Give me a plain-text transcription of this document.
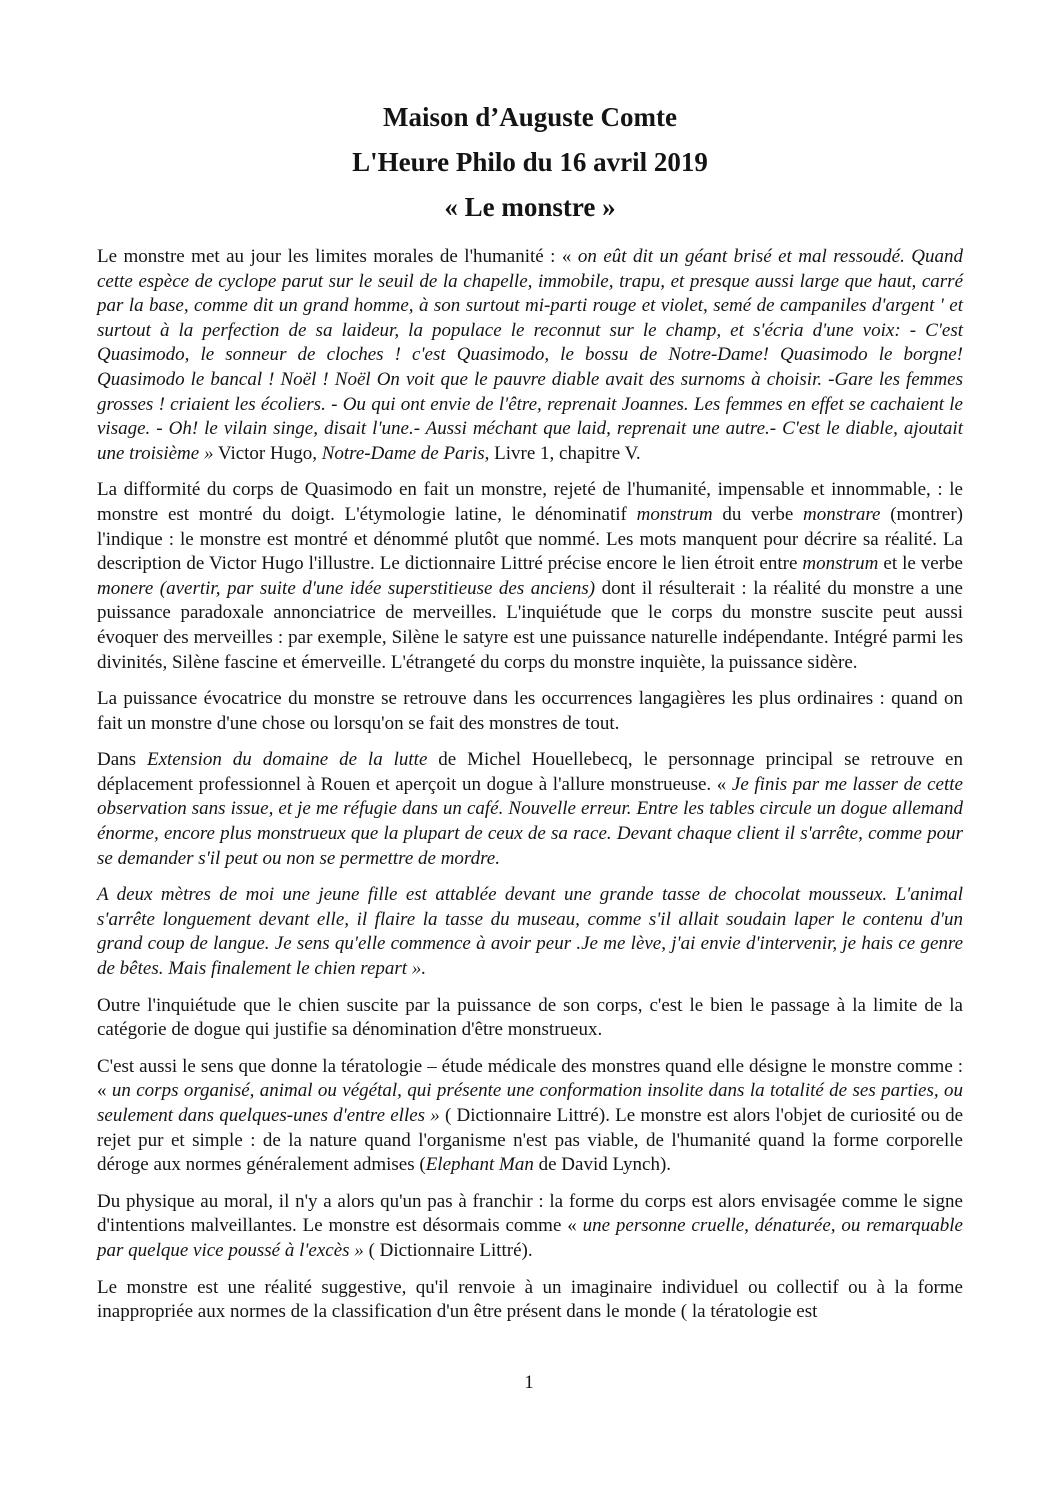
Maison d’Auguste Comte
L'Heure Philo du 16 avril 2019
« Le monstre »

Le monstre met au jour les limites morales de l'humanité : « on eût dit un géant brisé et mal ressoudé. Quand cette espèce de cyclope parut sur le seuil de la chapelle, immobile, trapu, et presque aussi large que haut, carré par la base, comme dit un grand homme, à son surtout mi-parti rouge et violet, semé de campaniles d'argent ' et surtout à la perfection de sa laideur, la populace le reconnut sur le champ, et s'écria d'une voix: - C'est Quasimodo, le sonneur de cloches ! c'est Quasimodo, le bossu de Notre-Dame! Quasimodo le borgne! Quasimodo le bancal ! Noël ! Noël On voit que le pauvre diable avait des surnoms à choisir. -Gare les femmes grosses ! criaient les écoliers. - Ou qui ont envie de l'être, reprenait Joannes. Les femmes en effet se cachaient le visage. - Oh! le vilain singe, disait l'une.- Aussi méchant que laid, reprenait une autre.- C'est le diable, ajoutait une troisième » Victor Hugo, Notre-Dame de Paris, Livre 1, chapitre V.

La difformité du corps de Quasimodo en fait un monstre, rejeté de l'humanité, impensable et innommable, : le monstre est montré du doigt. L'étymologie latine, le dénominatif monstrum du verbe monstrare (montrer) l'indique : le monstre est montré et dénommé plutôt que nommé. Les mots manquent pour décrire sa réalité. La description de Victor Hugo l'illustre. Le dictionnaire Littré précise encore le lien étroit entre monstrum et le verbe monere (avertir, par suite d'une idée superstitieuse des anciens) dont il résulterait : la réalité du monstre a une puissance paradoxale annonciatrice de merveilles. L'inquiétude que le corps du monstre suscite peut aussi évoquer des merveilles : par exemple, Silène le satyre est une puissance naturelle indépendante. Intégré parmi les divinités, Silène fascine et émerveille. L'étrangeté du corps du monstre inquiète, la puissance sidère.

La puissance évocatrice du monstre se retrouve dans les occurrences langagières les plus ordinaires : quand on fait un monstre d'une chose ou lorsqu'on se fait des monstres de tout.

Dans Extension du domaine de la lutte de Michel Houellebecq, le personnage principal se retrouve en déplacement professionnel à Rouen et aperçoit un dogue à l'allure monstrueuse. « Je finis par me lasser de cette observation sans issue, et je me réfugie dans un café. Nouvelle erreur. Entre les tables circule un dogue allemand énorme, encore plus monstrueux que la plupart de ceux de sa race. Devant chaque client il s'arrête, comme pour se demander s'il peut ou non se permettre de mordre.

A deux mètres de moi une jeune fille est attablée devant une grande tasse de chocolat mousseux. L'animal s'arrête longuement devant elle, il flaire la tasse du museau, comme s'il allait soudain laper le contenu d'un grand coup de langue. Je sens qu'elle commence à avoir peur .Je me lève, j'ai envie d'intervenir, je hais ce genre de bêtes. Mais finalement le chien repart ».

Outre l'inquiétude que le chien suscite par la puissance de son corps, c'est le bien le passage à la limite de la catégorie de dogue qui justifie sa dénomination d'être monstrueux.

C'est aussi le sens que donne la tératologie – étude médicale des monstres quand elle désigne le monstre comme : « un corps organisé, animal ou végétal, qui présente une conformation insolite dans la totalité de ses parties, ou seulement dans quelques-unes d'entre elles » ( Dictionnaire Littré). Le monstre est alors l'objet de curiosité ou de rejet pur et simple : de la nature quand l'organisme n'est pas viable, de l'humanité quand la forme corporelle déroge aux normes généralement admises (Elephant Man de David Lynch).

Du physique au moral, il n'y a alors qu'un pas à franchir : la forme du corps est alors envisagée comme le signe d'intentions malveillantes. Le monstre est désormais comme « une personne cruelle, dénaturée, ou remarquable par quelque vice poussé à l'excès » ( Dictionnaire Littré).

Le monstre est une réalité suggestive, qu'il renvoie à un imaginaire individuel ou collectif ou à la forme inappropriée aux normes de la classification d'un être présent dans le monde ( la tératologie est

1
